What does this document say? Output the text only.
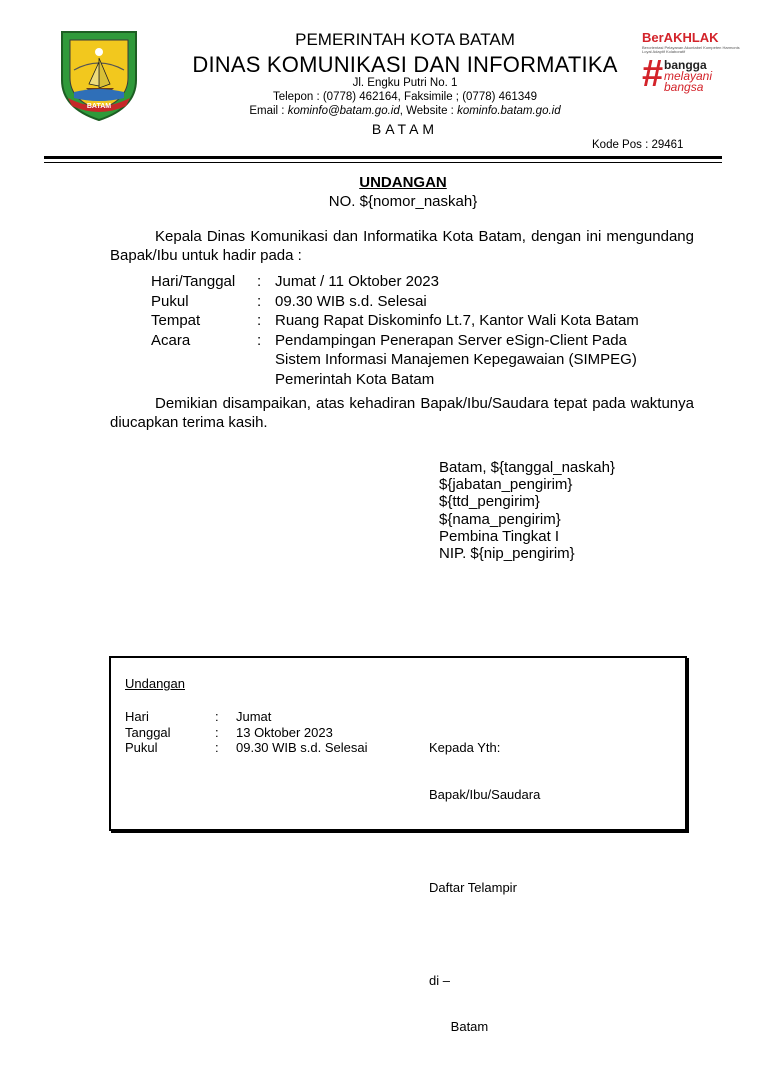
BATAM
PEMERINTAH KOTA BATAM
DINAS KOMUNIKASI DAN INFORMATIKA
Jl. Engku Putri No. 1
Telepon : (0778) 462164, Faksimile ; (0778) 461349
Email : kominfo@batam.go.id, Website : kominfo.batam.go.id
BATAM
BerAKHLAK
Berorientasi Pelayanan Akuntabel Kompeten Harmonis Loyal Adaptif Kolaboratif
# bangga
melayani
bangsa
Kode Pos : 29461
UNDANGAN
NO. ${nomor_naskah}
Kepala Dinas Komunikasi dan Informatika Kota Batam, dengan ini mengundang Bapak/Ibu untuk hadir pada :
Hari/Tanggal	: Jumat / 11 Oktober 2023
Pukul	: 09.30 WIB s.d. Selesai
Tempat	: Ruang Rapat Diskominfo Lt.7, Kantor Wali Kota Batam
Acara	: Pendampingan Penerapan Server eSign-Client Pada Sistem Informasi Manajemen Kepegawaian (SIMPEG) Pemerintah Kota Batam
Demikian disampaikan, atas kehadiran Bapak/Ibu/Saudara tepat pada waktunya diucapkan terima kasih.
Batam, ${tanggal_naskah}
${jabatan_pengirim}
${ttd_pengirim}
${nama_pengirim}
Pembina Tingkat I
NIP. ${nip_pengirim}
Undangan
Hari	:	Jumat
Tanggal	:	13 Oktober 2023
Pukul	:	09.30 WIB s.d. Selesai

	Kepada Yth:

Bapak/Ibu/Saudara

Daftar Telampir

di –

Batam
